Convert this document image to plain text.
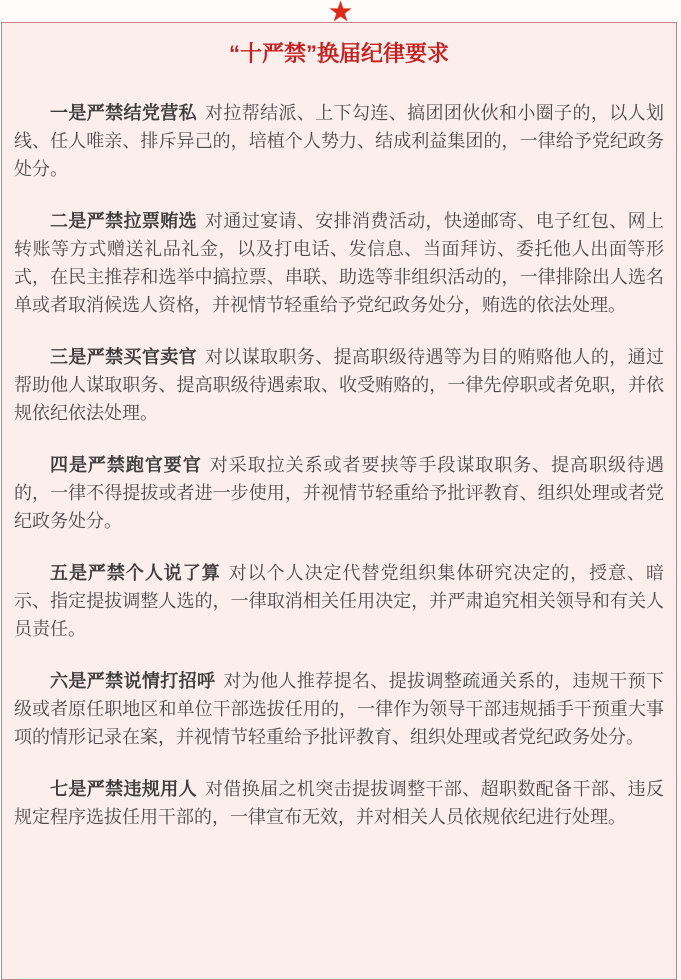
★
“十严禁”换届纪律要求

一是严禁结党营私 对拉帮结派、上下勾连、搞团团伙伙和小圈子的，以人划线、任人唯亲、排斥异己的，培植个人势力、结成利益集团的，一律给予党纪政务处分。

二是严禁拉票贿选 对通过宴请、安排消费活动，快递邮寄、电子红包、网上转账等方式赠送礼品礼金，以及打电话、发信息、当面拜访、委托他人出面等形式，在民主推荐和选举中搞拉票、串联、助选等非组织活动的，一律排除出人选名单或者取消候选人资格，并视情节轻重给予党纪政务处分，贿选的依法处理。

三是严禁买官卖官 对以谋取职务、提高职级待遇等为目的贿赂他人的，通过帮助他人谋取职务、提高职级待遇索取、收受贿赂的，一律先停职或者免职，并依规依纪依法处理。

四是严禁跑官要官 对采取拉关系或者要挟等手段谋取职务、提高职级待遇的，一律不得提拔或者进一步使用，并视情节轻重给予批评教育、组织处理或者党纪政务处分。

五是严禁个人说了算 对以个人决定代替党组织集体研究决定的，授意、暗示、指定提拔调整人选的，一律取消相关任用决定，并严肃追究相关领导和有关人员责任。

六是严禁说情打招呼 对为他人推荐提名、提拔调整疏通关系的，违规干预下级或者原任职地区和单位干部选拔任用的，一律作为领导干部违规插手干预重大事项的情形记录在案，并视情节轻重给予批评教育、组织处理或者党纪政务处分。

七是严禁违规用人 对借换届之机突击提拔调整干部、超职数配备干部、违反规定程序选拔任用干部的，一律宣布无效，并对相关人员依规依纪进行处理。
